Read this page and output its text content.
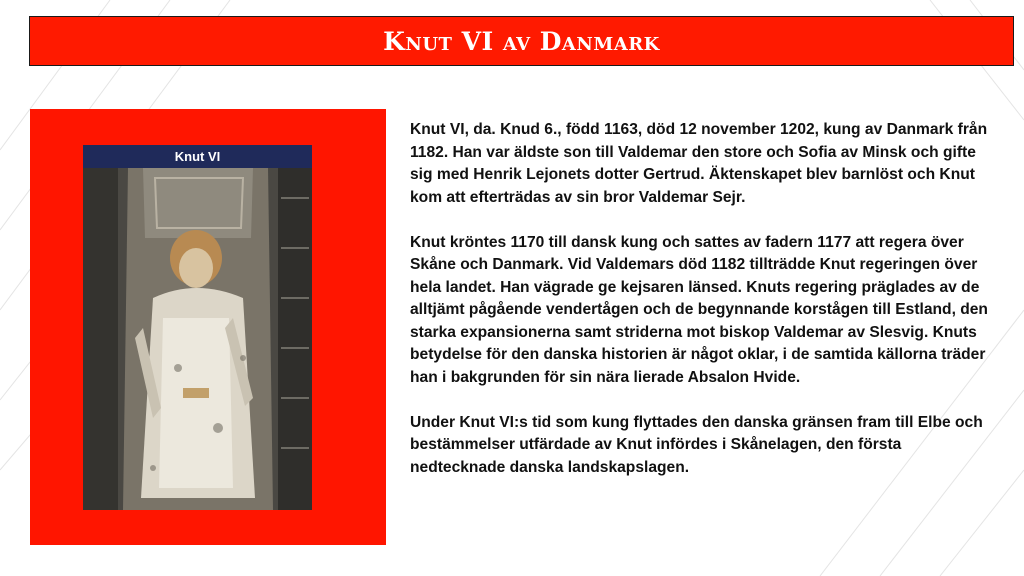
Knut VI av Danmark
Knut VI

Knut VI, da. Knud 6., född 1163, död 12 november 1202, kung av Danmark från 1182. Han var äldste son till Valdemar den store och Sofia av Minsk och gifte sig med Henrik Lejonets dotter Gertrud. Äktenskapet blev barnlöst och Knut kom att efterträdas av sin bror Valdemar Sejr.

Knut kröntes 1170 till dansk kung och sattes av fadern 1177 att regera över Skåne och Danmark. Vid Valdemars död 1182 tillträdde Knut regeringen över hela landet. Han vägrade ge kejsaren länsed. Knuts regering präglades av de alltjämt pågående vendertågen och de begynnande korstågen till Estland, den starka expansionerna samt striderna mot biskop Valdemar av Slesvig. Knuts betydelse för den danska historien är något oklar, i de samtida källorna träder han i bakgrunden för sin nära lierade Absalon Hvide.

Under Knut VI:s tid som kung flyttades den danska gränsen fram till Elbe och bestämmelser utfärdade av Knut infördes i Skånelagen, den första nedtecknade danska landskapslagen.
